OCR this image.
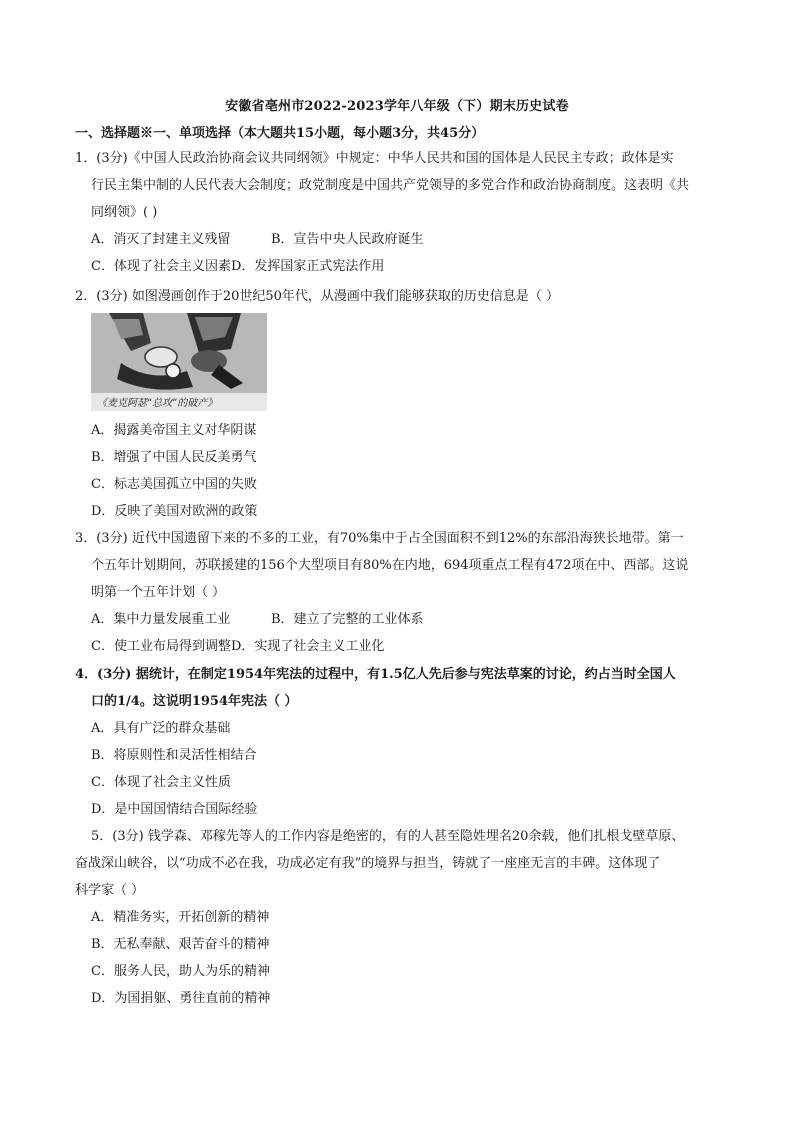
安徽省亳州市2022-2023学年八年级（下）期末历史试卷
一、选择题※一、单项选择（本大题共15小题，每小题3分，共45分）
1．(3分)《中国人民政治协商会议共同纲领》中规定：中华人民共和国的国体是人民民主专政；政体是实
行民主集中制的人民代表大会制度；政党制度是中国共产党领导的多党合作和政治协商制度。这表明《共
同纲领》( )
A．消灭了封建主义残留	B．宣告中央人民政府诞生
C．体现了社会主义因素 D．发挥国家正式宪法作用
2．(3分) 如图漫画创作于20世纪50年代，从漫画中我们能够获取的历史信息是（ ）
《麦克阿瑟“总攻”的破产》
A．揭露美帝国主义对华阴谋
B．增强了中国人民反美勇气
C．标志美国孤立中国的失败
D．反映了美国对欧洲的政策
3．(3分) 近代中国遗留下来的不多的工业，有70%集中于占全国面积不到12%的东部沿海狭长地带。第一
个五年计划期间，苏联援建的156个大型项目有80%在内地，694项重点工程有472项在中、西部。这说
明第一个五年计划（ ）
A．集中力量发展重工业	B．建立了完整的工业体系
C．使工业布局得到调整 D．实现了社会主义工业化
4．(3分) 据统计，在制定1954年宪法的过程中，有1.5亿人先后参与宪法草案的讨论，约占当时全国人
口的1/4。这说明1954年宪法（ ）
A．具有广泛的群众基础
B．将原则性和灵活性相结合
C．体现了社会主义性质
D．是中国国情结合国际经验
5．(3分) 钱学森、邓稼先等人的工作内容是绝密的，有的人甚至隐姓埋名20余载，他们扎根戈壁草原、
奋战深山峡谷，以“功成不必在我，功成必定有我”的境界与担当，铸就了一座座无言的丰碑。这体现了
科学家（ ）
A．精准务实，开拓创新的精神
B．无私奉献、艰苦奋斗的精神
C．服务人民，助人为乐的精神
D．为国捐躯、勇往直前的精神
